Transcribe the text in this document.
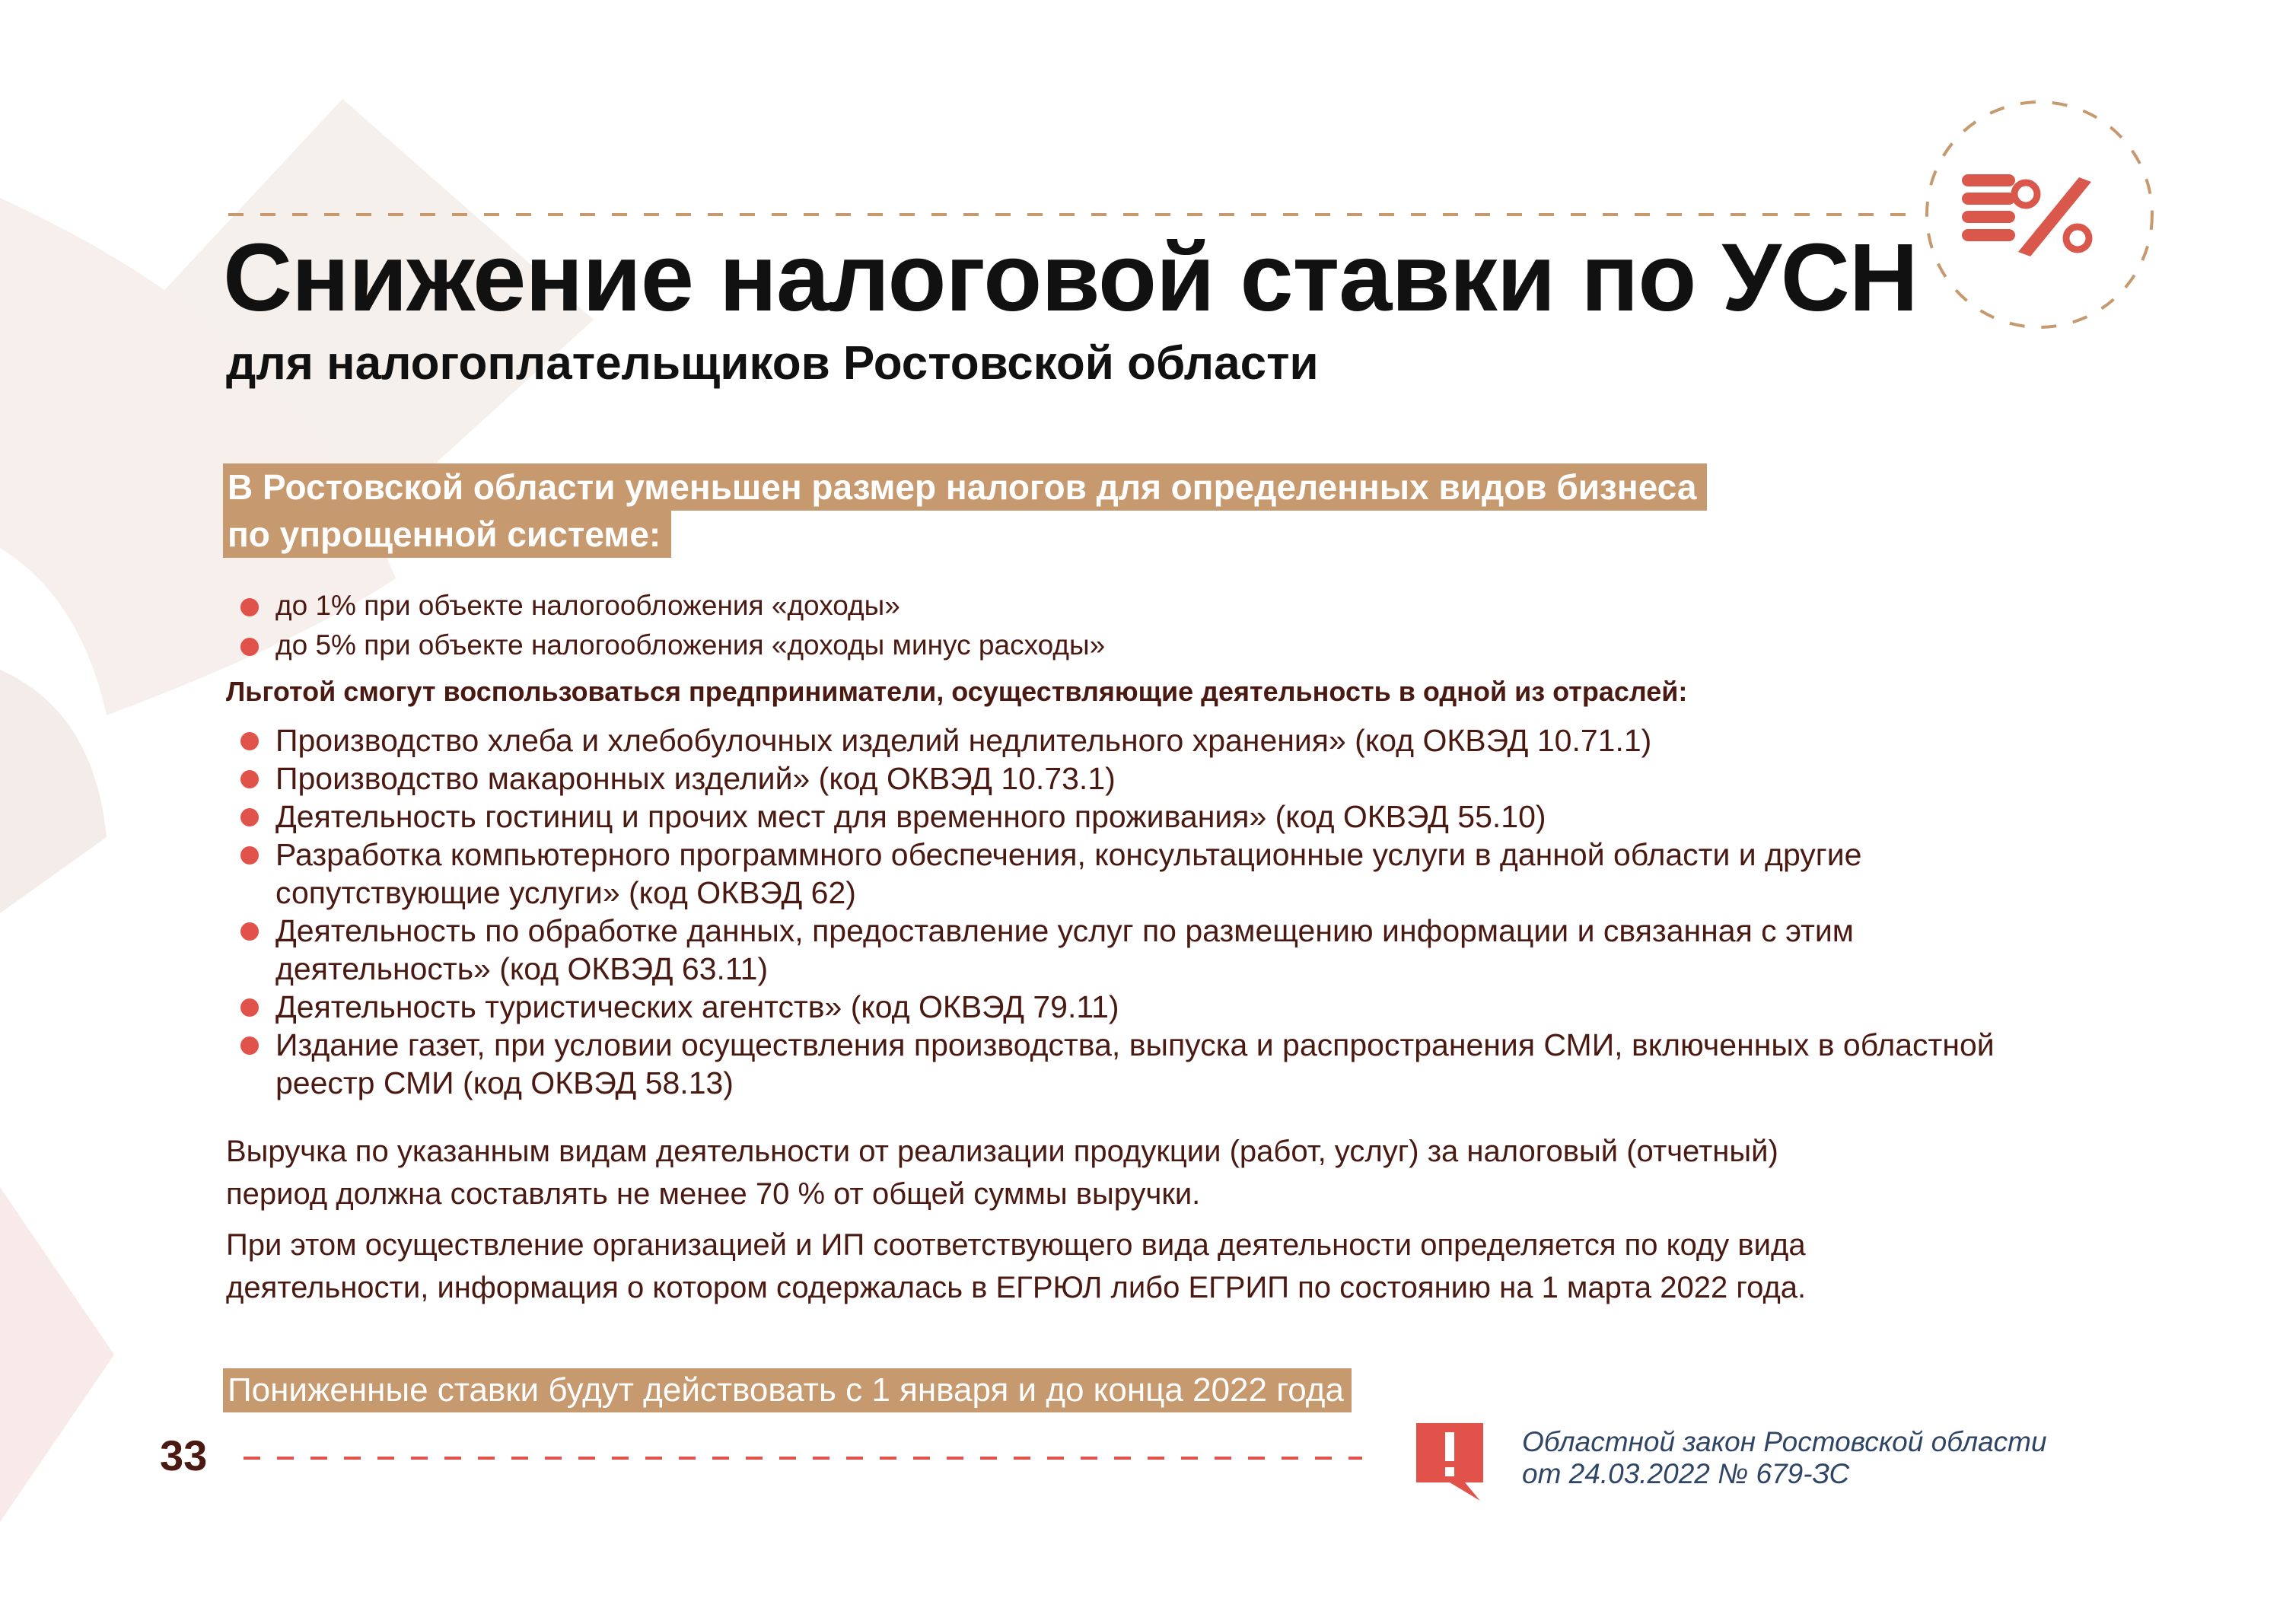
Снижение налоговой ставки по УСН
для налогоплательщиков Ростовской области
В Ростовской области уменьшен размер налогов для определенных видов бизнеса
по упрощенной системе:
до 1% при объекте налогообложения «доходы»
до 5% при объекте налогообложения «доходы минус расходы»
Льготой смогут воспользоваться предприниматели, осуществляющие деятельность в одной из отраслей:
Производство хлеба и хлебобулочных изделий недлительного хранения» (код ОКВЭД 10.71.1)
Производство макаронных изделий» (код ОКВЭД 10.73.1)
Деятельность гостиниц и прочих мест для временного проживания» (код ОКВЭД 55.10)
Разработка компьютерного программного обеспечения, консультационные услуги в данной области и другие
сопутствующие услуги» (код ОКВЭД 62)
Деятельность по обработке данных, предоставление услуг по размещению информации и связанная с этим
деятельность» (код ОКВЭД 63.11)
Деятельность туристических агентств» (код ОКВЭД 79.11)
Издание газет, при условии осуществления производства, выпуска и распространения СМИ, включенных в областной
реестр СМИ (код ОКВЭД 58.13)
Выручка по указанным видам деятельности от реализации продукции (работ, услуг) за налоговый (отчетный)
период должна составлять не менее 70 % от общей суммы выручки.
При этом осуществление организацией и ИП соответствующего вида деятельности определяется по коду вида
деятельности, информация о котором содержалась в ЕГРЮЛ либо ЕГРИП по состоянию на 1 марта 2022 года.
Пониженные ставки будут действовать с 1 января и до конца 2022 года
33	Областной закон Ростовской области
от 24.03.2022 № 679-ЗС
